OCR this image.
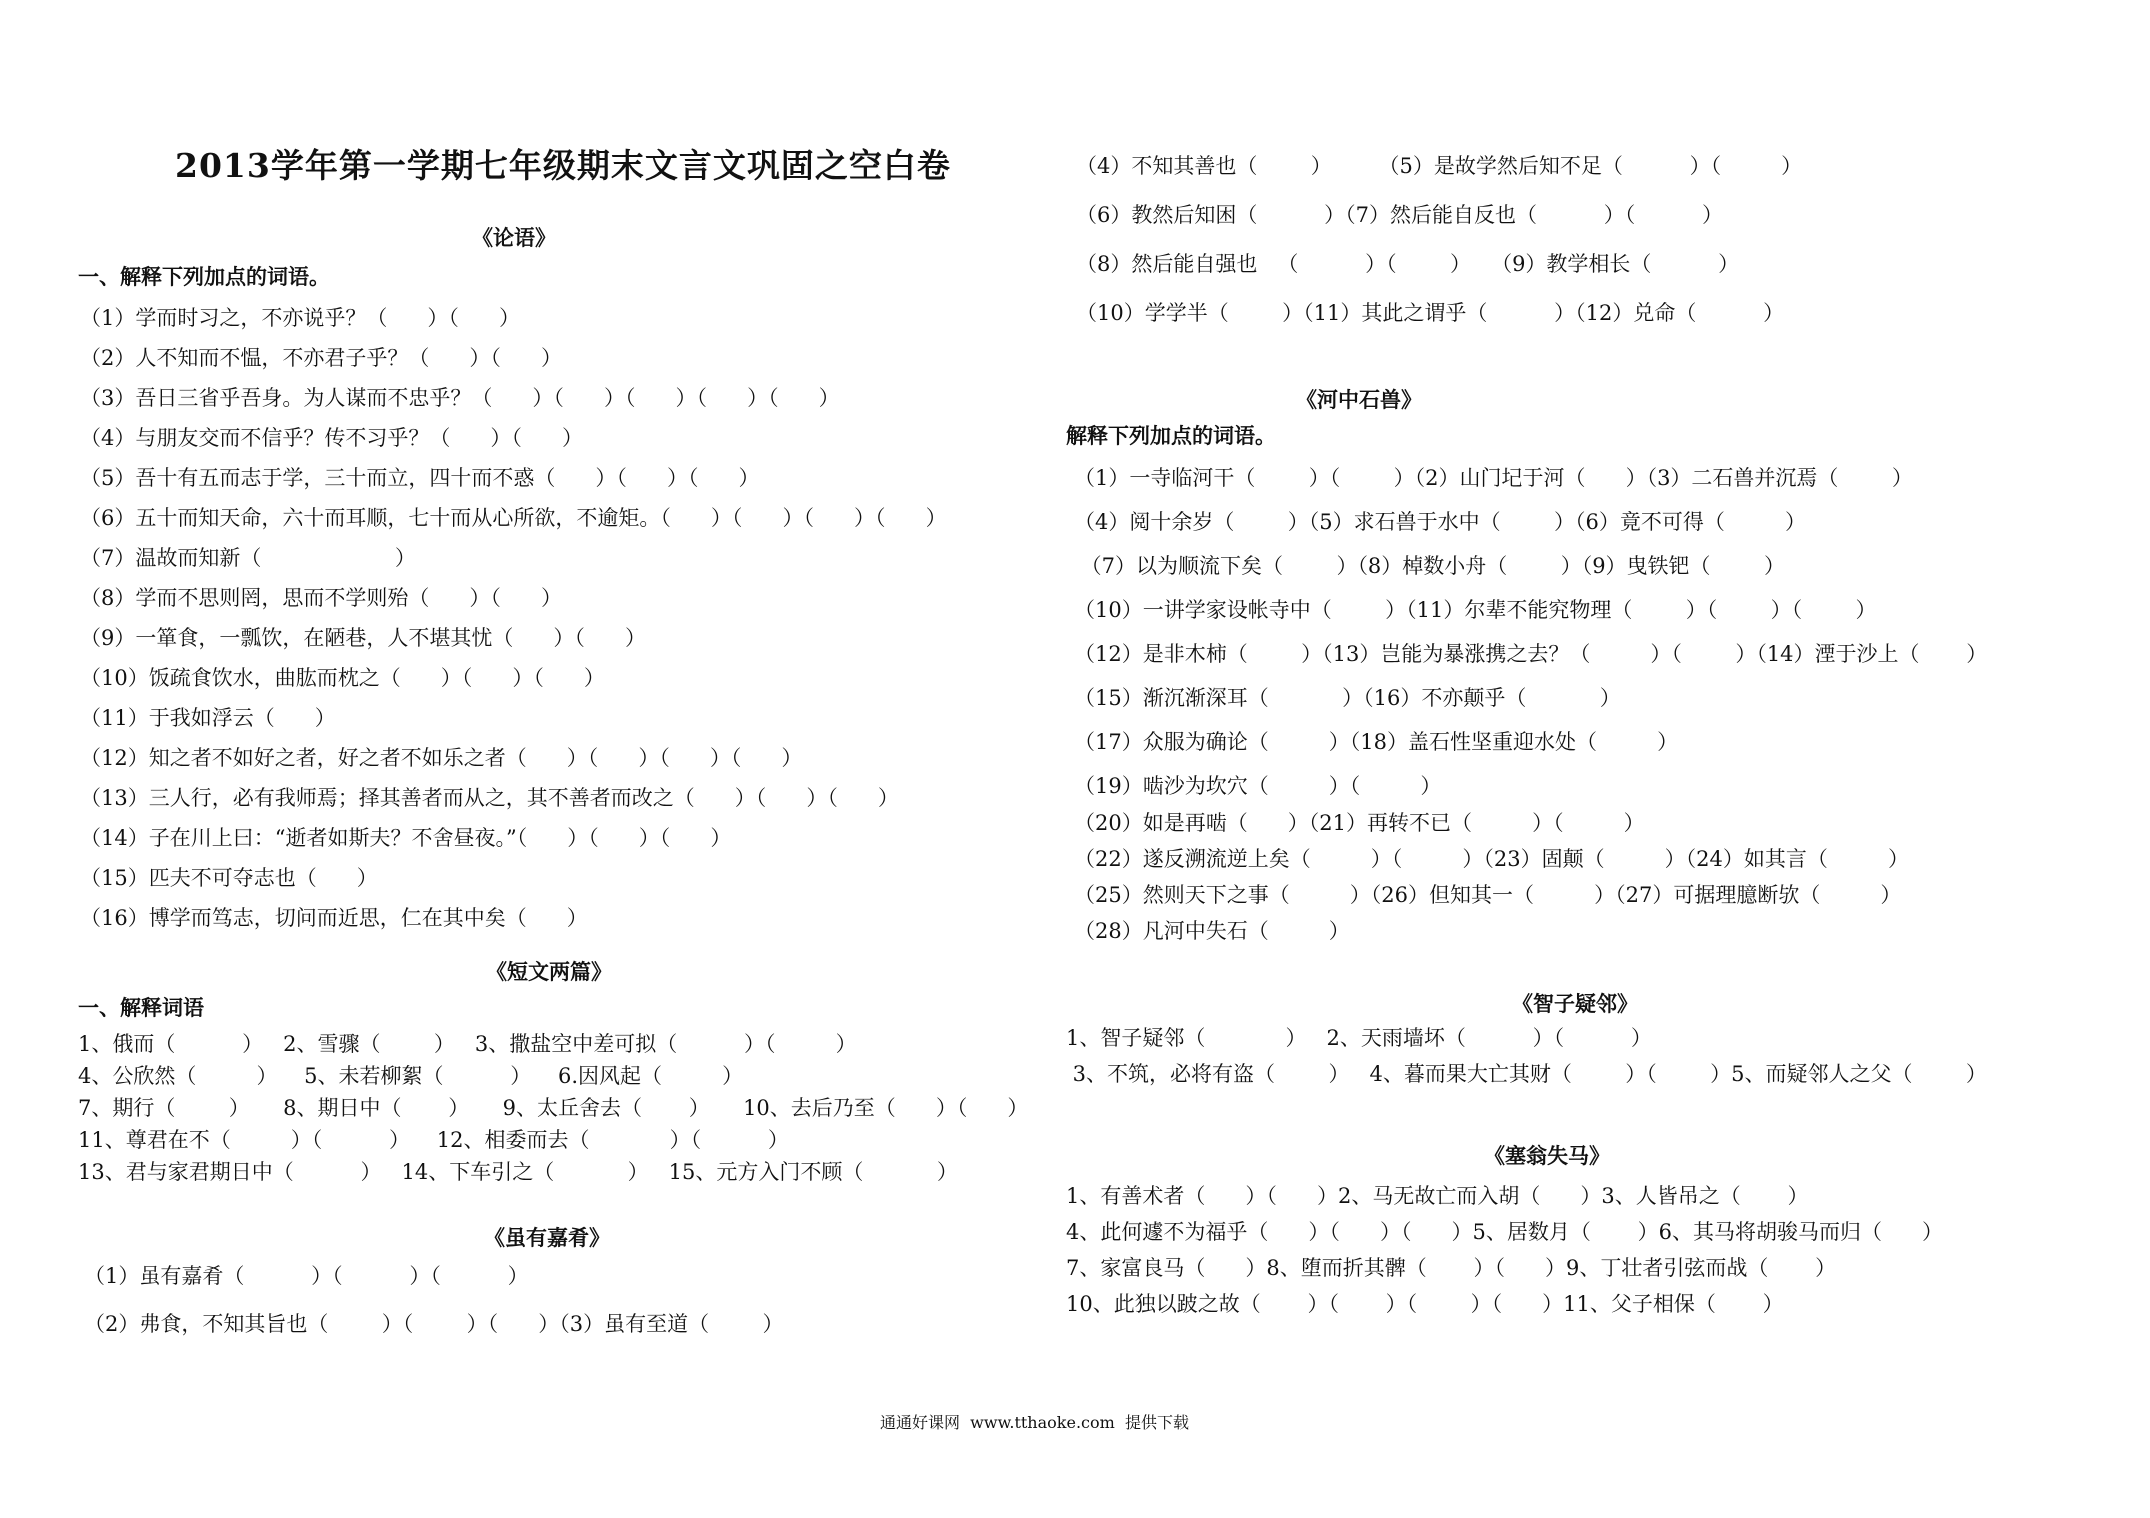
2013学年第一学期七年级期末文言文巩固之空白卷
《论语》
一、解释下列加点的词语。
（1）学而时习之，不亦说乎？（      ）（      ）
（2）人不知而不愠，不亦君子乎？（      ）（      ）
（3）吾日三省乎吾身。为人谋而不忠乎？（      ）（      ）（      ）（      ）（      ）
（4）与朋友交而不信乎？传不习乎？（      ）（      ）
（5）吾十有五而志于学，三十而立，四十而不惑（      ）（      ）（      ）
（6）五十而知天命，六十而耳顺，七十而从心所欲，不逾矩。（      ）（      ）（      ）（      ）
（7）温故而知新（                    ）
（8）学而不思则罔，思而不学则殆（      ）（      ）
（9）一箪食，一瓢饮，在陋巷，人不堪其忧（      ）（      ）
（10）饭疏食饮水，曲肱而枕之（      ）（      ）（      ）
（11）于我如浮云（      ）
（12）知之者不如好之者，好之者不如乐之者（      ）（      ）（      ）（      ）
（13）三人行，必有我师焉；择其善者而从之，其不善者而改之（      ）（      ）（      ）
（14）子在川上曰：“逝者如斯夫？不舍昼夜。”（      ）（      ）（      ）
（15）匹夫不可夺志也（      ）
（16）博学而笃志，切问而近思，仁在其中矣（      ）
《短文两篇》
一、解释词语
1、俄而（          ）   2、雪骤（        ）   3、撒盐空中差可拟（          ）（         ）
4、公欣然（         ）    5、未若柳絮（          ）    6.因风起（         ）
7、期行（        ）     8、期日中（       ）     9、太丘舍去（       ）     10、去后乃至（      ）（      ）
11、尊君在不（         ）（          ）    12、相委而去（            ）（          ）
13、君与家君期日中（          ）   14、下车引之（           ）   15、元方入门不顾（           ）
《虽有嘉肴》
（1）虽有嘉肴（          ）（          ）（          ）
（2）弗食，不知其旨也（        ）（        ）（      ）（3）虽有至道（        ）
（4）不知其善也（        ）       （5）是故学然后知不足（          ）（         ）
（6）教然后知困（          ）（7）然后能自反也（          ）（          ）
（8）然后能自强也   （          ）（        ）   （9）教学相长（          ）
（10）学学半（        ）（11）其此之谓乎（          ）（12）兑命（          ）
《河中石兽》
解释下列加点的词语。
（1）一寺临河干（        ）（        ）（2）山门圮于河（      ）（3）二石兽并沉焉（        ）
（4）阅十余岁（        ）（5）求石兽于水中（        ）（6）竟不可得（         ）
（7）以为顺流下矣（        ）（8）棹数小舟（        ）（9）曳铁钯（        ）
（10）一讲学家设帐寺中（        ）（11）尔辈不能究物理（        ）（        ）（        ）
（12）是非木柿（        ）（13）岂能为暴涨携之去？（         ）（        ）（14）湮于沙上（       ）
（15）渐沉渐深耳（           ）（16）不亦颠乎（           ）
（17）众服为确论（         ）（18）盖石性坚重迎水处（         ）
（19）啮沙为坎穴（         ）（         ）
（20）如是再啮（      ）（21）再转不已（         ）（         ）
（22）遂反溯流逆上矣（         ）（         ）（23）固颠（         ）（24）如其言（         ）
（25）然则天下之事（         ）（26）但知其一（         ）（27）可据理臆断欤（         ）
（28）凡河中失石（         ）
《智子疑邻》
1、智子疑邻（            ）   2、天雨墙坏（          ）（          ）
3、不筑，必将有盗（        ）   4、暮而果大亡其财（        ）（        ）5、而疑邻人之父（        ）
《塞翁失马》
1、有善术者（      ）（      ）2、马无故亡而入胡（      ）3、人皆吊之（       ）
4、此何遽不为福乎（      ）（      ）（      ）5、居数月（       ）6、其马将胡骏马而归（      ）
7、家富良马（      ）8、堕而折其髀（       ）（      ）9、丁壮者引弦而战（       ）
10、此独以跛之故（       ）（       ）（        ）（      ）11、父子相保（       ）
通通好课网  www.tthaoke.com  提供下载
